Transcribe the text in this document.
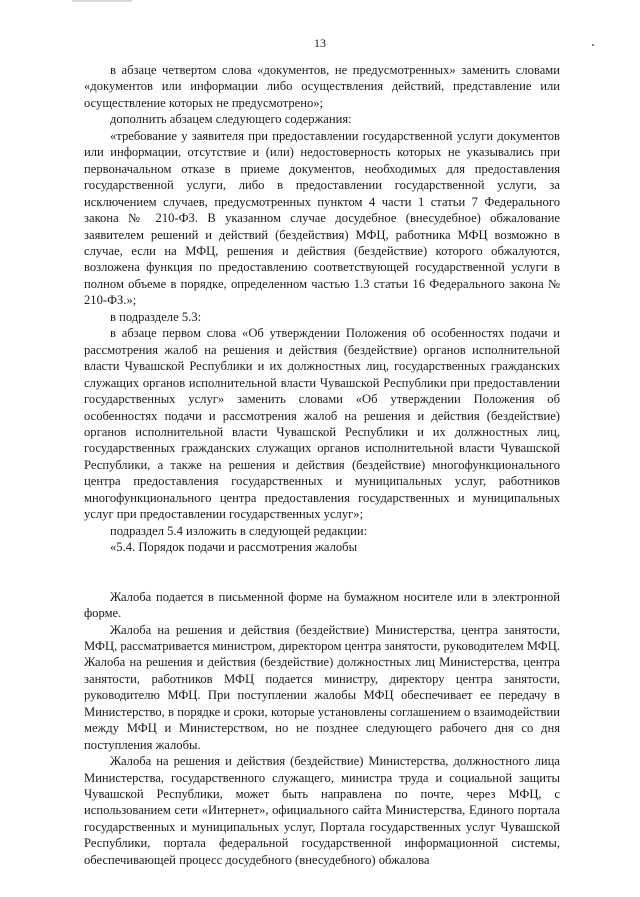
13

в абзаце четвертом слова «документов, не предусмотренных» заменить словами «документов или информации либо осуществления действий, представление или осуществление которых не предусмотрено»;

дополнить абзацем следующего содержания:

«требование у заявителя при предоставлении государственной услуги документов или информации, отсутствие и (или) недостоверность которых не указывались при первоначальном отказе в приеме документов, необходимых для предоставления государственной услуги, либо в предоставлении государственной услуги, за исключением случаев, предусмотренных пунктом 4 части 1 статьи 7 Федерального закона № 210-ФЗ. В указанном случае досудебное (внесудебное) обжалование заявителем решений и действий (бездействия) МФЦ, работника МФЦ возможно в случае, если на МФЦ, решения и действия (бездействие) которого обжалуются, возложена функция по предоставлению соответствующей государственной услуги в полном объеме в порядке, определенном частью 1.3 статьи 16 Федерального закона № 210-ФЗ.»;

в подразделе 5.3:

в абзаце первом слова «Об утверждении Положения об особенностях подачи и рассмотрения жалоб на решения и действия (бездействие) органов исполнительной власти Чувашской Республики и их должностных лиц, государственных гражданских служащих органов исполнительной власти Чувашской Республики при предоставлении государственных услуг» заменить словами «Об утверждении Положения об особенностях подачи и рассмотрения жалоб на решения и действия (бездействие) органов исполнительной власти Чувашской Республики и их должностных лиц, государственных гражданских служащих органов исполнительной власти Чувашской Республики, а также на решения и действия (бездействие) многофункционального центра предоставления государственных и муниципальных услуг, работников многофункционального центра предоставления государственных и муниципальных услуг при предоставлении государственных услуг»;

подраздел 5.4 изложить в следующей редакции:

«5.4. Порядок подачи и рассмотрения жалобы

Жалоба подается в письменной форме на бумажном носителе или в электронной форме.

Жалоба на решения и действия (бездействие) Министерства, центра занятости, МФЦ, рассматривается министром, директором центра занятости, руководителем МФЦ. Жалоба на решения и действия (бездействие) должностных лиц Министерства, центра занятости, работников МФЦ подается министру, директору центра занятости, руководителю МФЦ. При поступлении жалобы МФЦ обеспечивает ее передачу в Министерство, в порядке и сроки, которые установлены соглашением о взаимодействии между МФЦ и Министерством, но не позднее следующего рабочего дня со дня поступления жалобы.

Жалоба на решения и действия (бездействие) Министерства, должностного лица Министерства, государственного служащего, министра труда и социальной защиты Чувашской Республики, может быть направлена по почте, через МФЦ, с использованием сети «Интернет», официального сайта Министерства, Единого портала государственных и муниципальных услуг, Портала государственных услуг Чувашской Республики, портала федеральной государственной информационной системы, обеспечивающей процесс досудебного (внесудебного) обжалова
